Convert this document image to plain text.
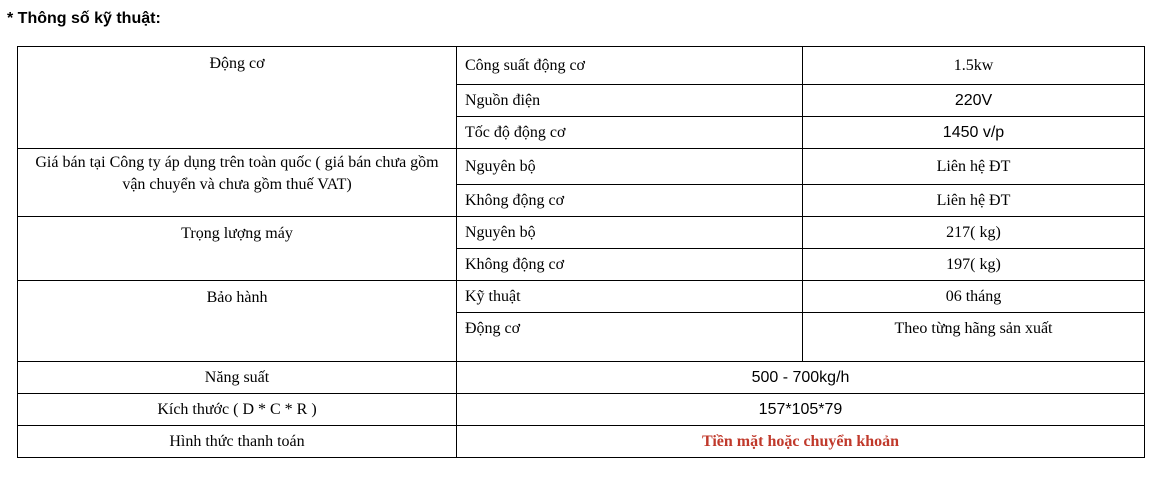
* Thông số kỹ thuật:
Động cơ	Công suất động cơ	1.5kw
	Nguồn điện	220V
	Tốc độ động cơ	1450 v/p
Giá bán tại Công ty áp dụng trên toàn quốc ( giá bán chưa gồm vận chuyển và chưa gồm thuế VAT)	Nguyên bộ	Liên hệ ĐT
	Không động cơ	Liên hệ ĐT
Trọng lượng máy	Nguyên bộ	217( kg)
	Không động cơ	197( kg)
Bảo hành	Kỹ thuật	06 tháng
	Động cơ	Theo từng hãng sản xuất
Năng suất	500 - 700kg/h	
Kích thước ( D * C * R )	157*105*79	
Hình thức thanh toán	Tiền mặt hoặc chuyển khoản	
